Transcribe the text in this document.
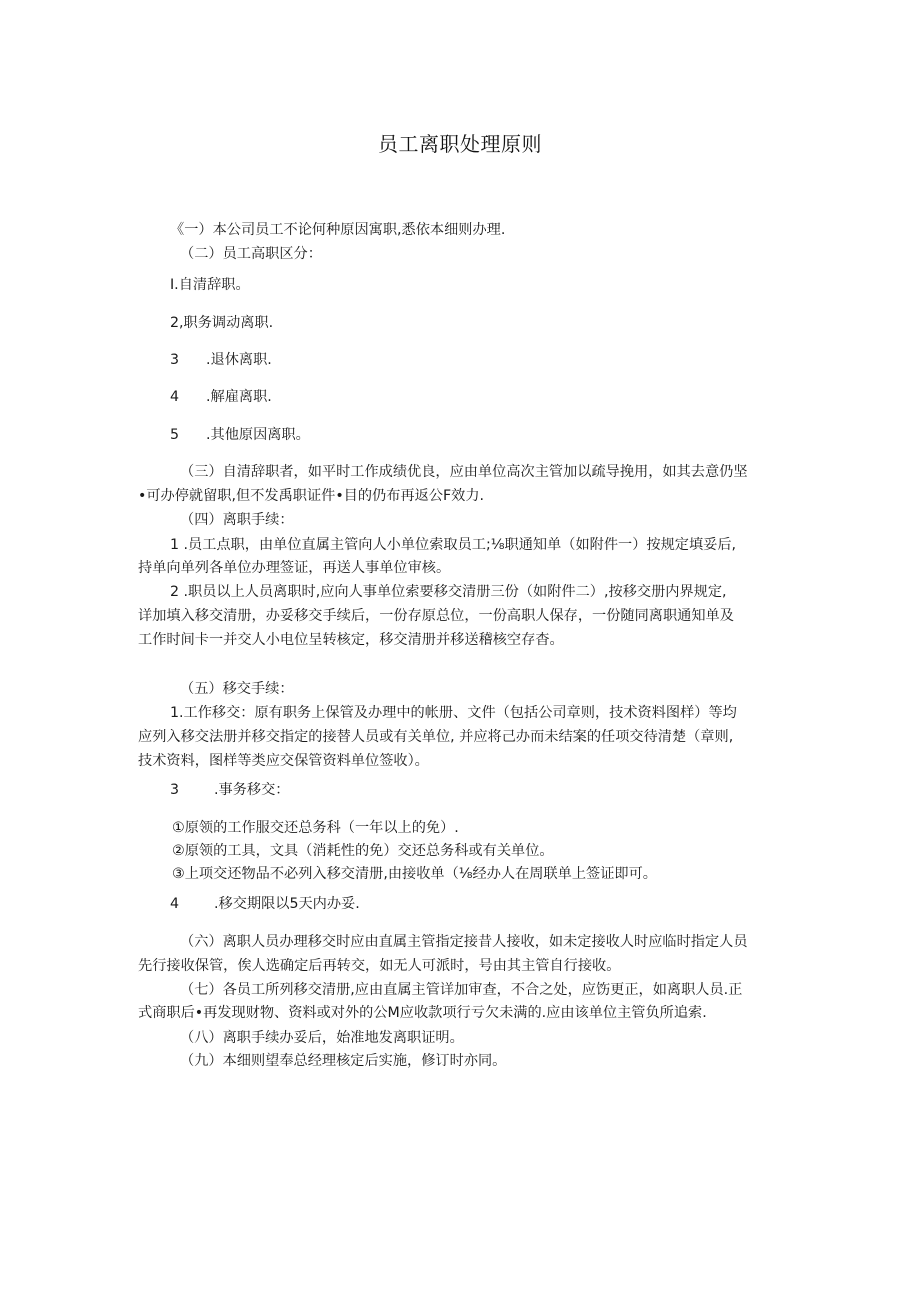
员工离职处理原则
《一）本公司员工不论何种原因寓职,悉依本细则办理.
（二）员工高职区分：
I.自清辞职。
2,职务调动离职.
3 .退休离职.
4 .解雇离职.
5 .其他原因离职。
（三）自清辞职者，如平时工作成绩优良，应由单位高次主管加以疏导挽用，如其去意仍坚
•可办停就留职,但不发禹职证件•目的仍布再返公F效力.
（四）离职手续：
1 .员工点职，由单位直属主管向人小单位索取员工;⅛职通知单（如附件一）按规定填妥后,
持单向单列各单位办理签证，再送人事单位审核。
2 .职员以上人员离职时,应向人事单位索要移交清册三份（如附件二）,按移交册内界规定,
详加填入移交清册，办妥移交手续后，一份存原总位，一份高职人保存，一份随同离职通知单及
工作时间卡一并交人小电位呈转核定，移交清册并移送稽核空存杳。
（五）移交手续：
1.工作移交：原有职务上保管及办理中的帐册、文件（包括公司章则，技术资料图样）等均
应列入移交法册并移交指定的接替人员或有关单位, 并应将己办而未结案的任项交待清楚（章则,
技术资料，图样等类应交保管资料单位签收）。
3 .事务移交：
①原领的工作服交还总务科（一年以上的免）.
②原领的工具，文具（消耗性的免）交还总务科或有关单位。
③上项交还物品不必列入移交清册,由接收单（⅛经办人在周联单上签证即可。
4 .移交期限以5天内办妥.
（六）离职人员办理移交时应由直属主管指定接昔人接收，如未定接收人时应临时指定人员
先行接收保管，俟人选确定后再转交，如无人可派时，号由其主管自行接收。
（七）各员工所列移交清册,应由直属主管详加审查，不合之处，应饬更正，如离职人员.正
式商职后•再发现财物、资料或对外的公M应收款项行亏欠未满的.应由该单位主管负所追索.
（八）离职手续办妥后，始准地发离职证明。
（九）本细则望奉总经理核定后实施，修订时亦同。
